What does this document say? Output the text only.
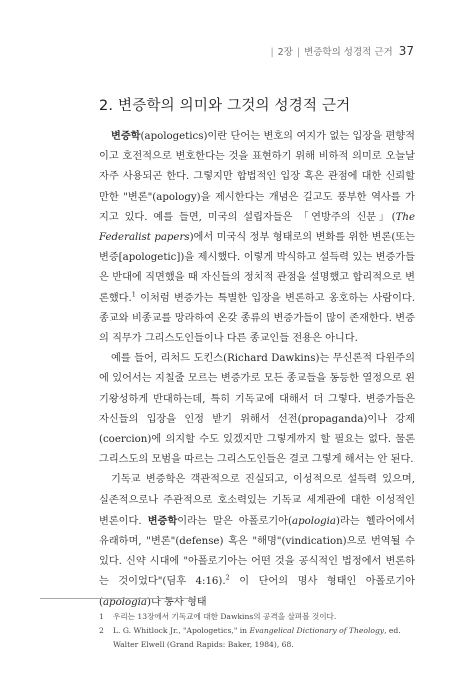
| 2장 | 변증학의 성경적 근거 37
2. 변증학의 의미와 그것의 성경적 근거

변증학(apologetics)이란 단어는 변호의 여지가 없는 입장을 편향적이고 호전적으로 변호한다는 것을 표현하기 위해 비하적 의미로 오늘날 자주 사용되곤 한다. 그렇지만 합법적인 입장 혹은 관점에 대한 신뢰할 만한 "변론"(apology)을 제시한다는 개념은 길고도 풍부한 역사를 가지고 있다. 예를 들면, 미국의 설립자들은 「연방주의 신문」(The Federalist papers)에서 미국식 정부 형태로의 변화를 위한 변론(또는 변증[apologetic])을 제시했다. 이렇게 박식하고 설득력 있는 변증가들은 반대에 직면했을 때 자신들의 정치적 관점을 설명했고 합리적으로 변론했다.$^1$ 이처럼 변증가는 특별한 입장을 변론하고 옹호하는 사람이다. 종교와 비종교를 망라하여 온갖 종류의 변증가들이 많이 존재한다. 변증의 직무가 그리스도인들이나 다른 종교인들 전용은 아니다.

예를 들어, 리처드 도킨스(Richard Dawkins)는 무신론적 다윈주의에 있어서는 지칠줄 모르는 변증가로 모든 종교들을 동등한 열정으로 왼기왕성하게 반대하는데, 특히 기독교에 대해서 더 그렇다. 변증가들은 자신들의 입장을 인정 받기 위해서 선전(propaganda)이나 강제(coercion)에 의지할 수도 있겠지만 그렇게까지 할 필요는 없다. 물론 그리스도의 모범을 따르는 그리스도인들은 결코 그렇게 해서는 안 된다.

기독교 변증학은 객관적으로 진실되고, 이성적으로 설득력 있으며, 실존적으로나 주관적으로 호소력있는 기독교 세계관에 대한 이성적인 변론이다. 변증학이라는 말은 아폴로기아(apologia)라는 헬라어에서 유래하며, "변론"(defense) 혹은 "해명"(vindication)으로 번역될 수 있다. 신약 시대에 "아폴로기아는 어떤 것을 공식적인 법정에서 변론하는 것이었다"(딤후 4:16).$^2$ 이 단어의 명사 형태인 아폴로기아(apologia)나 동사 형태

1	우리는 13장에서 기독교에 대한 Dawkins의 공격을 살펴볼 것이다.
2	L. G. Whitlock Jr., "Apologetics," in Evangelical Dictionary of Theology, ed. Walter Elwell (Grand Rapids: Baker, 1984), 68.
